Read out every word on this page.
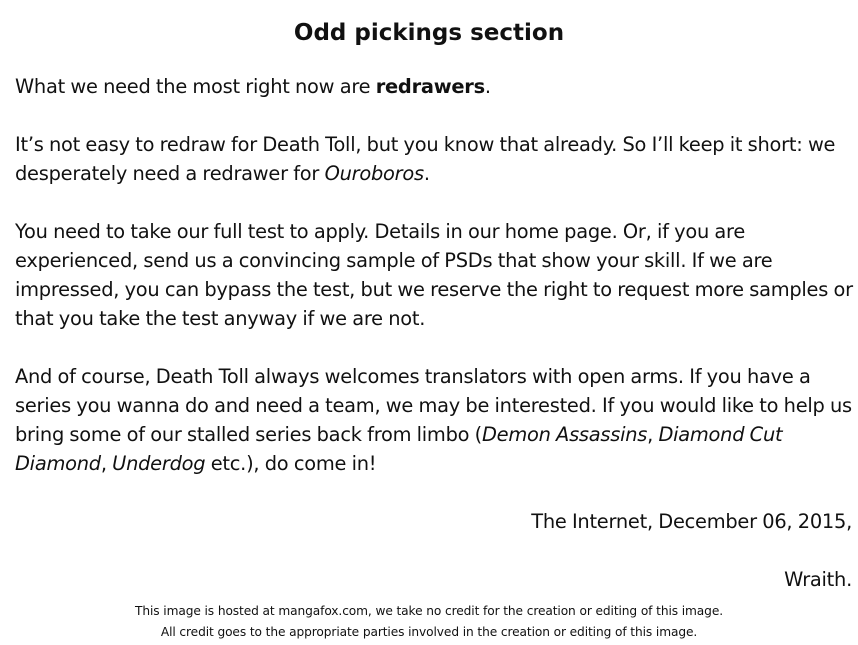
Odd pickings section

What we need the most right now are redrawers.

It’s not easy to redraw for Death Toll, but you know that already. So I’ll keep it short: we desperately need a redrawer for Ouroboros.

You need to take our full test to apply. Details in our home page. Or, if you are experienced, send us a convincing sample of PSDs that show your skill. If we are impressed, you can bypass the test, but we reserve the right to request more samples or that you take the test anyway if we are not.

And of course, Death Toll always welcomes translators with open arms. If you have a series you wanna do and need a team, we may be interested. If you would like to help us bring some of our stalled series back from limbo (Demon Assassins, Diamond Cut Diamond, Underdog etc.), do come in!

The Internet, December 06, 2015,

Wraith.

This image is hosted at mangafox.com, we take no credit for the creation or editing of this image.
All credit goes to the appropriate parties involved in the creation or editing of this image.
